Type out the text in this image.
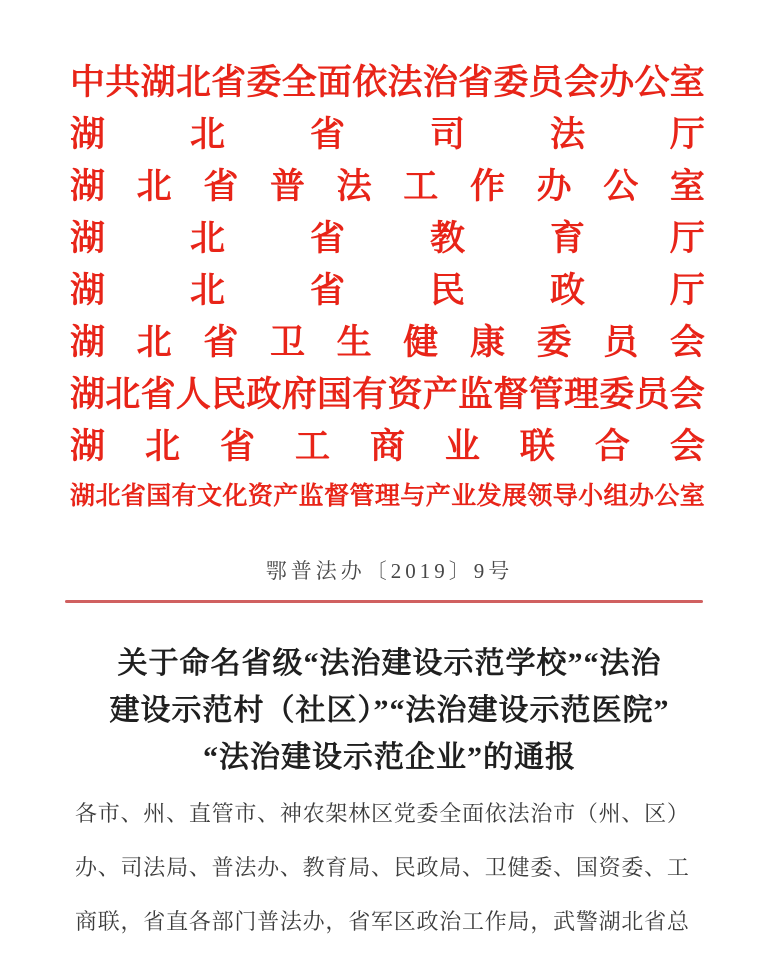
中 共 湖 北 省 委 全 面 依 法 治 省 委 员 会 办 公 室
湖 北 省 司 法 厅
湖 北 省 普 法 工 作 办 公 室
湖 北 省 教 育 厅
湖 北 省 民 政 厅
湖 北 省 卫 生 健 康 委 员 会
湖 北 省 人 民 政 府 国 有 资 产 监 督 管 理 委 员 会
湖 北 省 工 商 业 联 合 会
湖 北 省 国 有 文 化 资 产 监 督 管 理 与 产 业 发 展 领 导 小 组 办 公 室
鄂普法办〔2019〕9号
关于命名省级“法治建设示范学校”“法治
建设示范村（社区）”“法治建设示范医院”
“法治建设示范企业”的通报
各 市 、 州 、 直 管 市 、 神 农 架 林 区 党 委 全 面 依 法 治 市 （ 州 、 区 ）
办 、 司 法 局 、 普 法 办 、 教 育 局 、 民 政 局 、 卫 健 委 、 国 资 委 、 工
商 联 ， 省 直 各 部 门 普 法 办 ， 省 军 区 政 治 工 作 局 ， 武 警 湖 北 省 总
